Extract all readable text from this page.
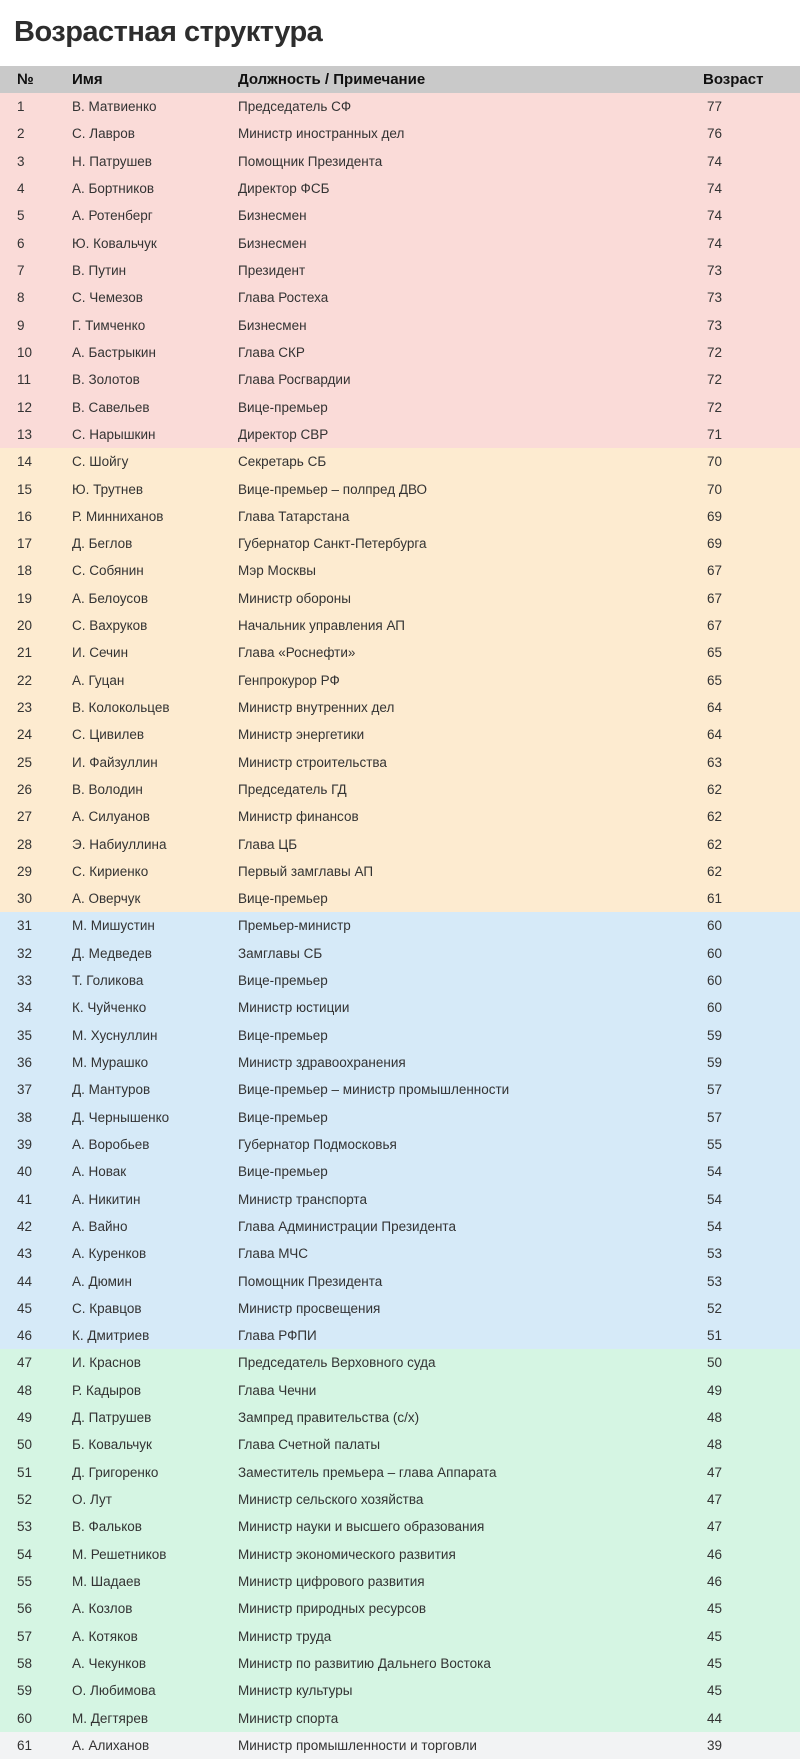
Возрастная структура
№	Имя	Должность / Примечание	Возраст
1	В. Матвиенко	Председатель СФ	77
2	С. Лавров	Министр иностранных дел	76
3	Н. Патрушев	Помощник Президента	74
4	А. Бортников	Директор ФСБ	74
5	А. Ротенберг	Бизнесмен	74
6	Ю. Ковальчук	Бизнесмен	74
7	В. Путин	Президент	73
8	С. Чемезов	Глава Ростеха	73
9	Г. Тимченко	Бизнесмен	73
10	А. Бастрыкин	Глава СКР	72
11	В. Золотов	Глава Росгвардии	72
12	В. Савельев	Вице-премьер	72
13	С. Нарышкин	Директор СВР	71
14	С. Шойгу	Секретарь СБ	70
15	Ю. Трутнев	Вице-премьер – полпред ДВО	70
16	Р. Минниханов	Глава Татарстана	69
17	Д. Беглов	Губернатор Санкт-Петербурга	69
18	С. Собянин	Мэр Москвы	67
19	А. Белоусов	Министр обороны	67
20	С. Вахруков	Начальник управления АП	67
21	И. Сечин	Глава «Роснефти»	65
22	А. Гуцан	Генпрокурор РФ	65
23	В. Колокольцев	Министр внутренних дел	64
24	С. Цивилев	Министр энергетики	64
25	И. Файзуллин	Министр строительства	63
26	В. Володин	Председатель ГД	62
27	А. Силуанов	Министр финансов	62
28	Э. Набиуллина	Глава ЦБ	62
29	С. Кириенко	Первый замглавы АП	62
30	А. Оверчук	Вице-премьер	61
31	М. Мишустин	Премьер-министр	60
32	Д. Медведев	Замглавы СБ	60
33	Т. Голикова	Вице-премьер	60
34	К. Чуйченко	Министр юстиции	60
35	М. Хуснуллин	Вице-премьер	59
36	М. Мурашко	Министр здравоохранения	59
37	Д. Мантуров	Вице-премьер – министр промышленности	57
38	Д. Чернышенко	Вице-премьер	57
39	А. Воробьев	Губернатор Подмосковья	55
40	А. Новак	Вице-премьер	54
41	А. Никитин	Министр транспорта	54
42	А. Вайно	Глава Администрации Президента	54
43	А. Куренков	Глава МЧС	53
44	А. Дюмин	Помощник Президента	53
45	С. Кравцов	Министр просвещения	52
46	К. Дмитриев	Глава РФПИ	51
47	И. Краснов	Председатель Верховного суда	50
48	Р. Кадыров	Глава Чечни	49
49	Д. Патрушев	Зампред правительства (с/х)	48
50	Б. Ковальчук	Глава Счетной палаты	48
51	Д. Григоренко	Заместитель премьера – глава Аппарата	47
52	О. Лут	Министр сельского хозяйства	47
53	В. Фальков	Министр науки и высшего образования	47
54	М. Решетников	Министр экономического развития	46
55	М. Шадаев	Министр цифрового развития	46
56	А. Козлов	Министр природных ресурсов	45
57	А. Котяков	Министр труда	45
58	А. Чекунков	Министр по развитию Дальнего Востока	45
59	О. Любимова	Министр культуры	45
60	М. Дегтярев	Министр спорта	44
61	А. Алиханов	Министр промышленности и торговли	39
